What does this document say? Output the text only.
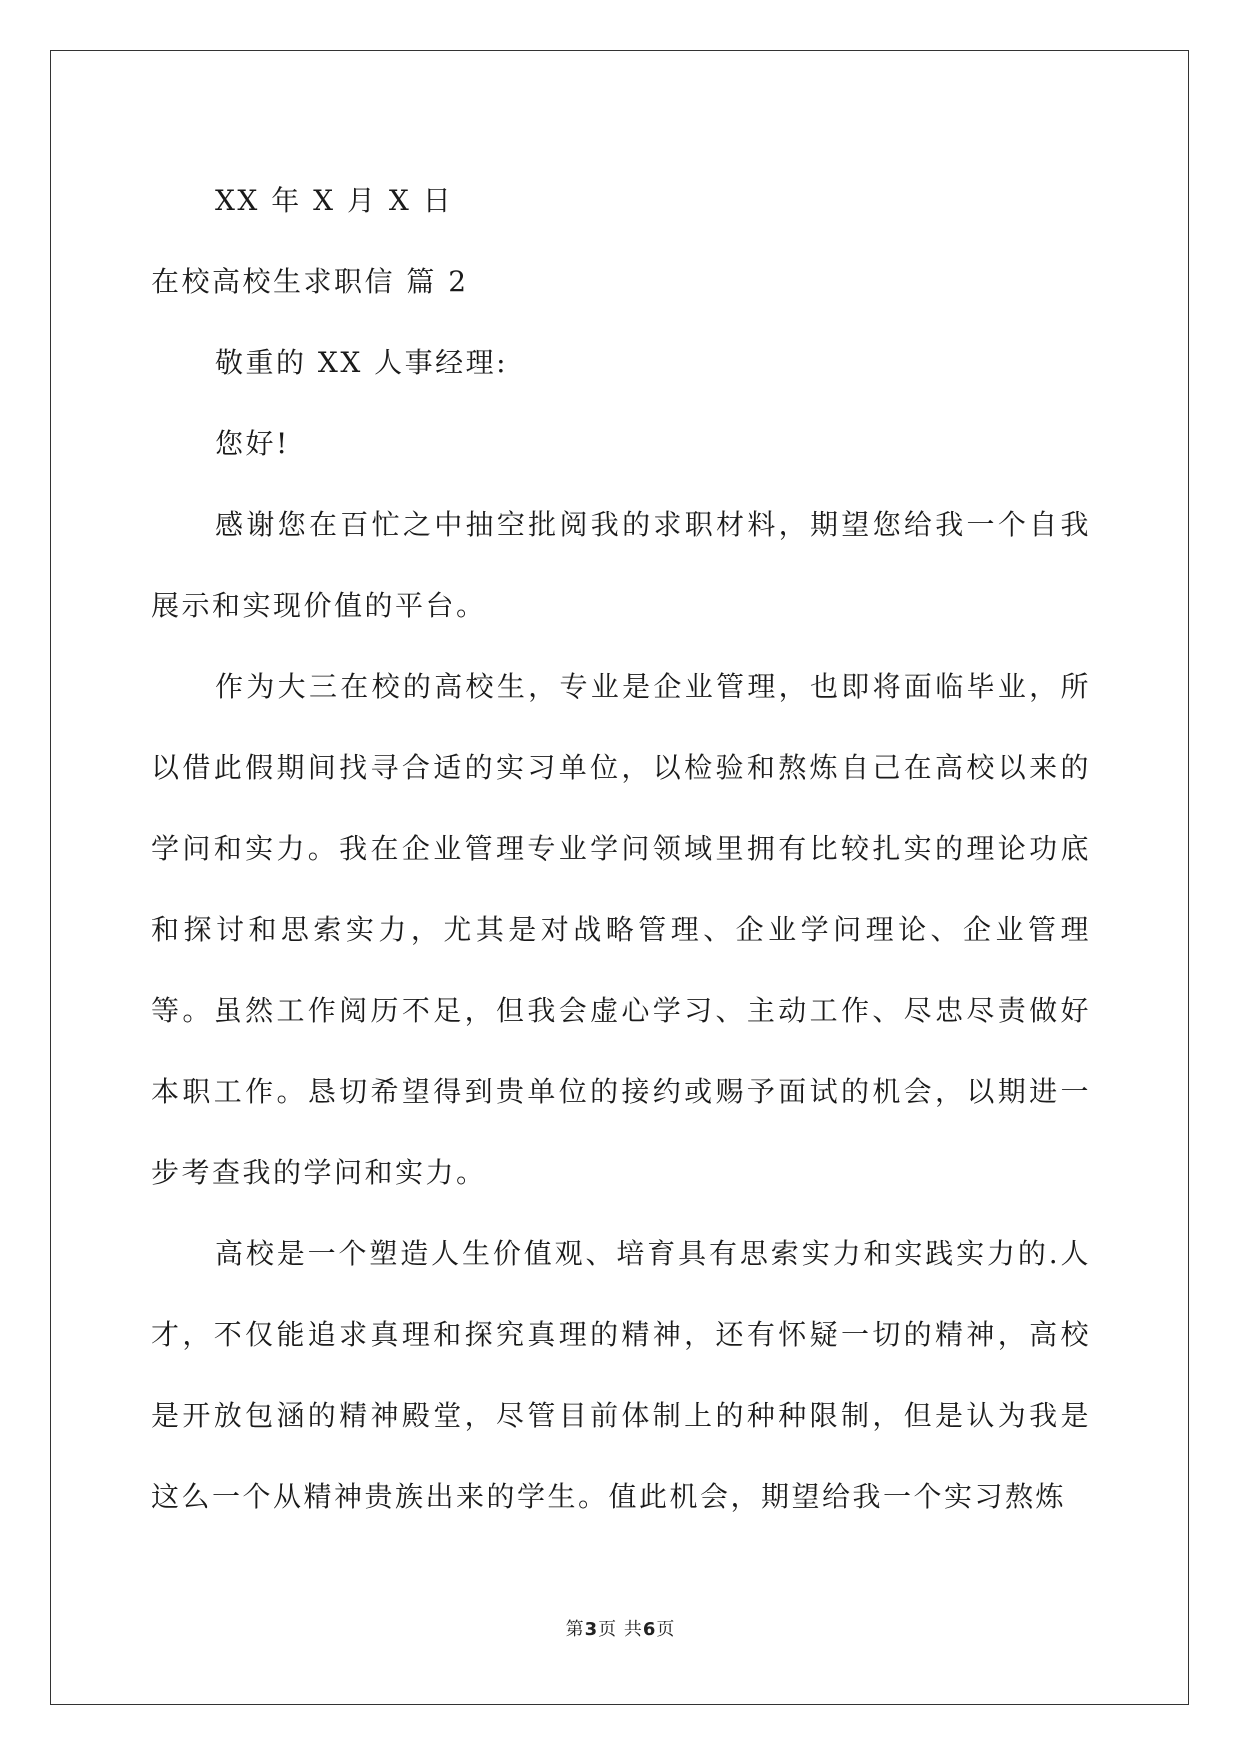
XX 年 X 月 X 日

在校高校生求职信 篇 2

敬重的 XX 人事经理:

您好!

感谢您在百忙之中抽空批阅我的求职材料，期望您给我一个自我展示和实现价值的平台。

作为大三在校的高校生，专业是企业管理，也即将面临毕业，所以借此假期间找寻合适的实习单位，以检验和熬炼自己在高校以来的学问和实力。我在企业管理专业学问领域里拥有比较扎实的理论功底和探讨和思索实力，尤其是对战略管理、企业学问理论、企业管理等。虽然工作阅历不足，但我会虚心学习、主动工作、尽忠尽责做好本职工作。恳切希望得到贵单位的接约或赐予面试的机会，以期进一步考查我的学问和实力。

高校是一个塑造人生价值观、培育具有思索实力和实践实力的.人才，不仅能追求真理和探究真理的精神，还有怀疑一切的精神，高校是开放包涵的精神殿堂，尽管目前体制上的种种限制，但是认为我是这么一个从精神贵族出来的学生。值此机会，期望给我一个实习熬炼

第3页 共6页
